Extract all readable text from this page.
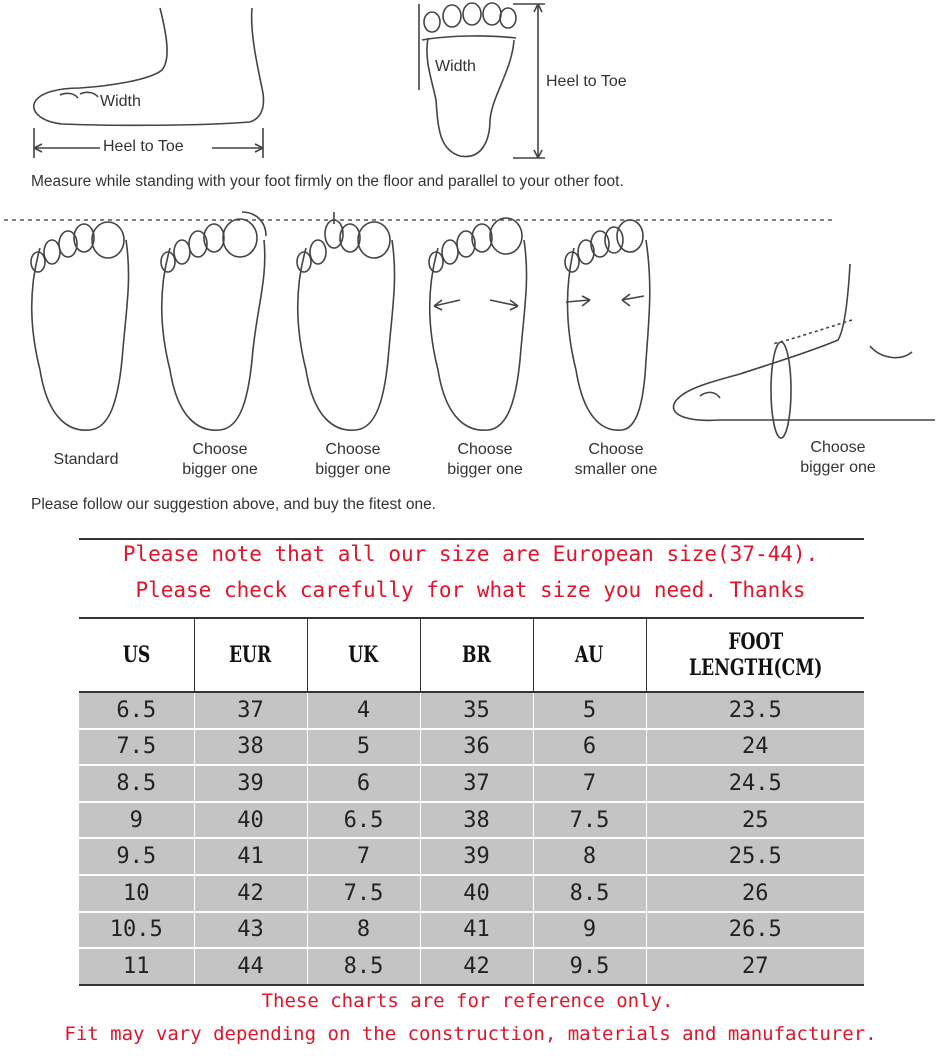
Width
Heel to Toe
Width
Heel to Toe
Measure while standing with your foot firmly on the floor and parallel to your other foot.
Standard
Choose
bigger one
Choose
bigger one
Choose
bigger one
Choose
smaller one
Choose
bigger one
Please follow our suggestion above, and buy the fitest one.
Please note that all our size are European size(37-44).
Please check carefully for what size you need. Thanks
US	EUR	UK	BR	AU	FOOT LENGTH(CM)
6.5	37	4	35	5	23.5
7.5	38	5	36	6	24
8.5	39	6	37	7	24.5
9	40	6.5	38	7.5	25
9.5	41	7	39	8	25.5
10	42	7.5	40	8.5	26
10.5	43	8	41	9	26.5
11	44	8.5	42	9.5	27
These charts are for reference only.
Fit may vary depending on the construction, materials and manufacturer.
